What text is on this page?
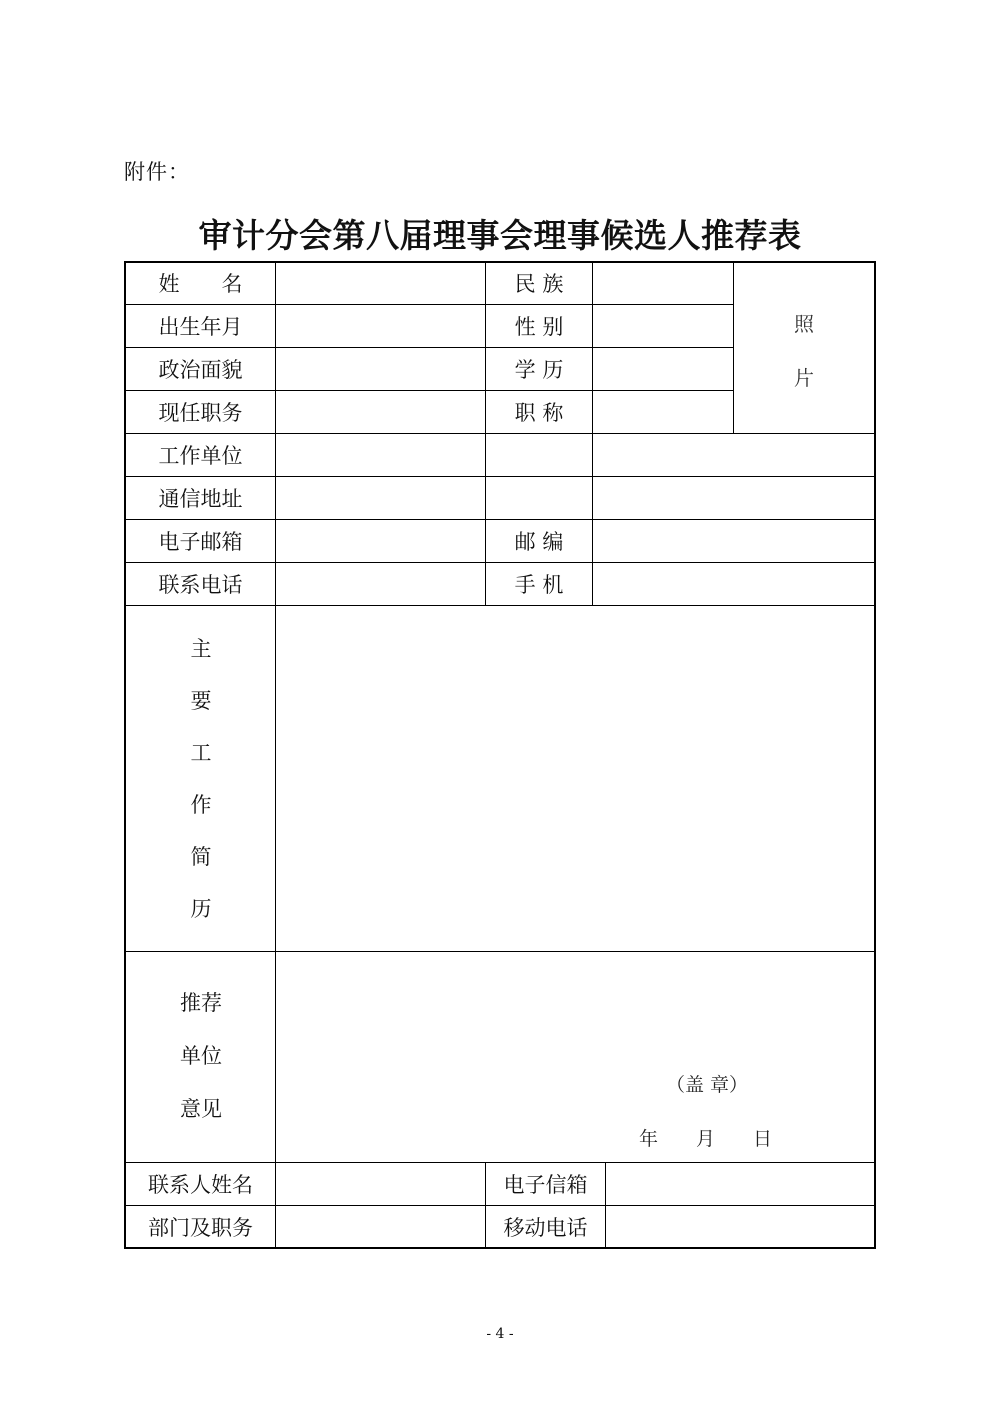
附件：
审计分会第八届理事会理事候选人推荐表
姓　　名	民 族
出生年月	性 别
政治面貌	学 历
现任职务	职 称
照
片
工作单位
通信地址
电子邮箱	邮 编
联系电话	手 机
主
要
工
作
简
历
推荐
单位
意见
（盖 章）
年　　月　　日
联系人姓名	电子信箱
部门及职务	移动电话
- 4 -
